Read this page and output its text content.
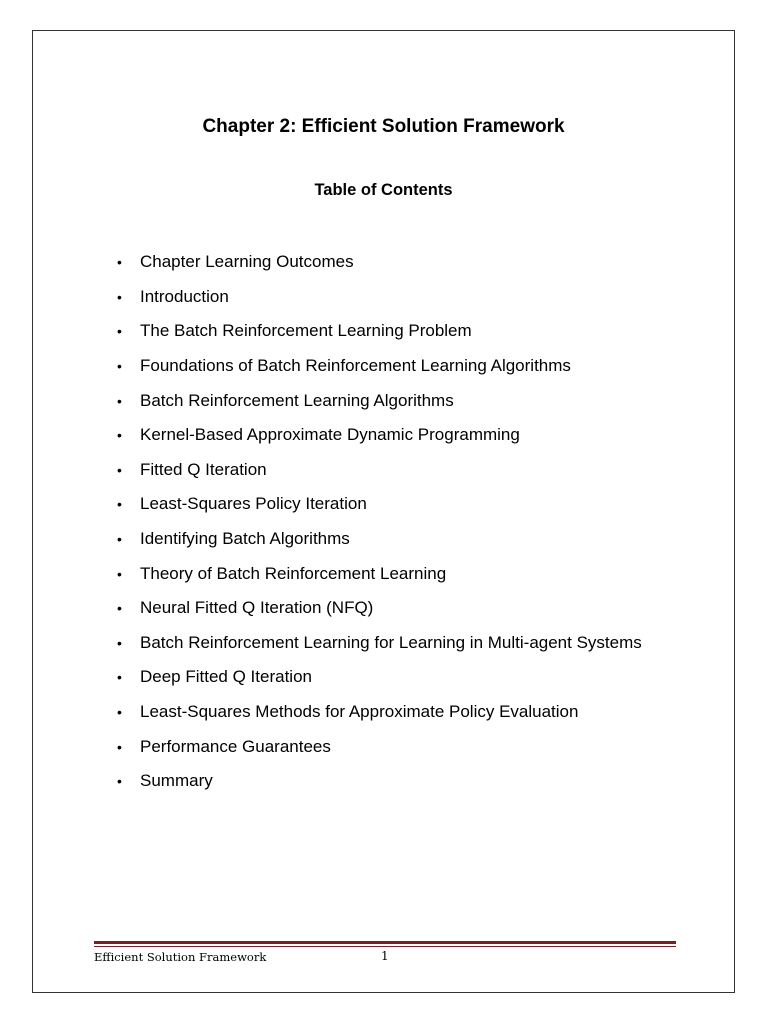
Chapter 2: Efficient Solution Framework
Table of Contents
•	Chapter Learning Outcomes
•	Introduction
•	The Batch Reinforcement Learning Problem
•	Foundations of Batch Reinforcement Learning Algorithms
•	Batch Reinforcement Learning Algorithms
•	Kernel-Based Approximate Dynamic Programming
•	Fitted Q Iteration
•	Least-Squares Policy Iteration
•	Identifying Batch Algorithms
•	Theory of Batch Reinforcement Learning
•	Neural Fitted Q Iteration (NFQ)
•	Batch Reinforcement Learning for Learning in Multi-agent Systems
•	Deep Fitted Q Iteration
•	Least-Squares Methods for Approximate Policy Evaluation
•	Performance Guarantees
•	Summary
Efficient Solution Framework	1
